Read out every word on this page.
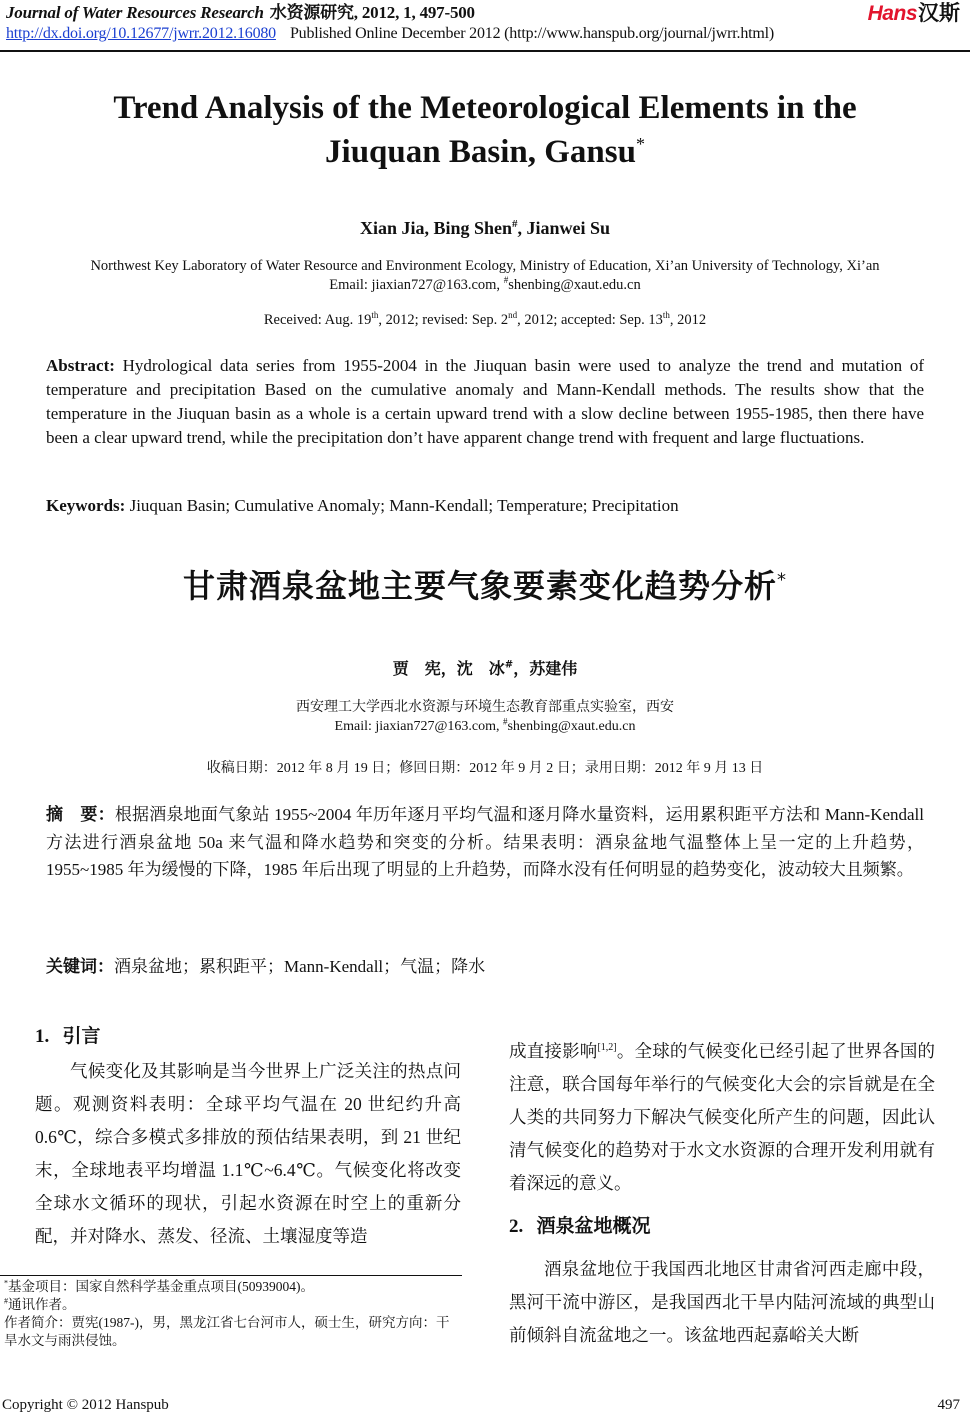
Journal of Water Resources Research 水资源研究, 2012, 1, 497-500
http://dx.doi.org/10.12677/jwrr.2012.16080 Published Online December 2012 (http://www.hanspub.org/journal/jwrr.html)
Hans汉斯
Trend Analysis of the Meteorological Elements in the
Jiuquan Basin, Gansu*
Xian Jia, Bing Shen#, Jianwei Su
Northwest Key Laboratory of Water Resource and Environment Ecology, Ministry of Education, Xi’an University of Technology, Xi’an
Email: jiaxian727@163.com, #shenbing@xaut.edu.cn
Received: Aug. 19th, 2012; revised: Sep. 2nd, 2012; accepted: Sep. 13th, 2012
Abstract: Hydrological data series from 1955-2004 in the Jiuquan basin were used to analyze the trend and mutation of temperature and precipitation Based on the cumulative anomaly and Mann-Kendall methods. The results show that the temperature in the Jiuquan basin as a whole is a certain upward trend with a slow decline between 1955-1985, then there have been a clear upward trend, while the precipitation don’t have apparent change trend with frequent and large fluctuations.
Keywords: Jiuquan Basin; Cumulative Anomaly; Mann-Kendall; Temperature; Precipitation
甘肃酒泉盆地主要气象要素变化趋势分析*
贾　宪，沈　冰#，苏建伟
西安理工大学西北水资源与环境生态教育部重点实验室，西安
Email: jiaxian727@163.com, #shenbing@xaut.edu.cn
收稿日期：2012 年 8 月 19 日；修回日期：2012 年 9 月 2 日；录用日期：2012 年 9 月 13 日
摘　要：根据酒泉地面气象站 1955~2004 年历年逐月平均气温和逐月降水量资料，运用累积距平方法和 Mann-Kendall 方法进行酒泉盆地 50a 来气温和降水趋势和突变的分析。结果表明：酒泉盆地气温整体上呈一定的上升趋势，1955~1985 年为缓慢的下降，1985 年后出现了明显的上升趋势，而降水没有任何明显的趋势变化，波动较大且频繁。
关键词：酒泉盆地；累积距平；Mann-Kendall；气温；降水
1. 引言

气候变化及其影响是当今世界上广泛关注的热点问题。观测资料表明：全球平均气温在 20 世纪约升高 0.6℃，综合多模式多排放的预估结果表明，到 21 世纪末，全球地表平均增温 1.1℃~6.4℃。气候变化将改变全球水文循环的现状，引起水资源在时空上的重新分配，并对降水、蒸发、径流、土壤湿度等造

成直接影响[1,2]。全球的气候变化已经引起了世界各国的注意，联合国每年举行的气候变化大会的宗旨就是在全人类的共同努力下解决气候变化所产生的问题，因此认清气候变化的趋势对于水文水资源的合理开发利用就有着深远的意义。

2. 酒泉盆地概况

酒泉盆地位于我国西北地区甘肃省河西走廊中段，黑河干流中游区，是我国西北干旱内陆河流域的典型山前倾斜自流盆地之一。该盆地西起嘉峪关大断

*基金项目：国家自然科学基金重点项目(50939004)。
#通讯作者。
作者简介：贾宪(1987-)，男，黑龙江省七台河市人，硕士生，研究方向：干旱水文与雨洪侵蚀。
Copyright © 2012 Hanspub	497
